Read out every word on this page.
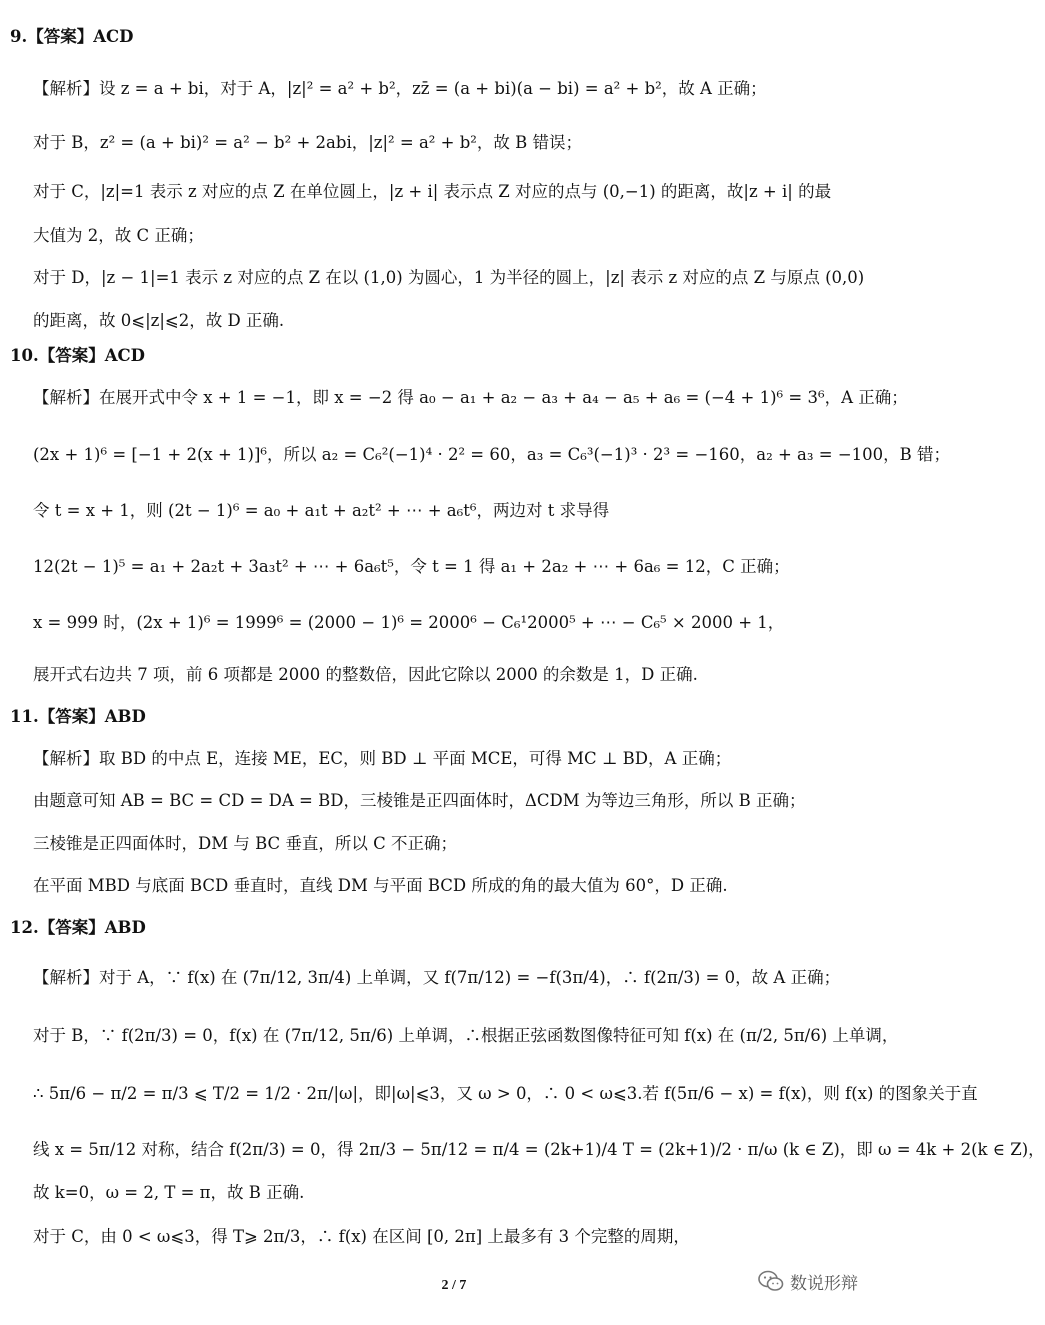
9.【答案】ACD
【解析】设 z = a + bi，对于 A，|z|² = a² + b²，zz̄ = (a + bi)(a − bi) = a² + b²，故 A 正确；
对于 B，z² = (a + bi)² = a² − b² + 2abi，|z|² = a² + b²，故 B 错误；
对于 C，|z|=1 表示 z 对应的点 Z 在单位圆上，|z + i| 表示点 Z 对应的点与 (0,−1) 的距离，故|z + i| 的最
大值为 2，故 C 正确；
对于 D，|z − 1|=1 表示 z 对应的点 Z 在以 (1,0) 为圆心，1 为半径的圆上，|z| 表示 z 对应的点 Z 与原点 (0,0)
的距离，故 0⩽|z|⩽2，故 D 正确.
10.【答案】ACD
【解析】在展开式中令 x + 1 = −1，即 x = −2 得 a₀ − a₁ + a₂ − a₃ + a₄ − a₅ + a₆ = (−4 + 1)⁶ = 3⁶，A 正确；
(2x + 1)⁶ = [−1 + 2(x + 1)]⁶，所以 a₂ = C₆²(−1)⁴ · 2² = 60，a₃ = C₆³(−1)³ · 2³ = −160，a₂ + a₃ = −100，B 错；
令 t = x + 1，则 (2t − 1)⁶ = a₀ + a₁t + a₂t² + ⋯ + a₆t⁶，两边对 t 求导得
12(2t − 1)⁵ = a₁ + 2a₂t + 3a₃t² + ⋯ + 6a₆t⁵，令 t = 1 得 a₁ + 2a₂ + ⋯ + 6a₆ = 12，C 正确；
x = 999 时，(2x + 1)⁶ = 1999⁶ = (2000 − 1)⁶ = 2000⁶ − C₆¹2000⁵ + ⋯ − C₆⁵ × 2000 + 1，
展开式右边共 7 项，前 6 项都是 2000 的整数倍，因此它除以 2000 的余数是 1，D 正确.
11.【答案】ABD
【解析】取 BD 的中点 E，连接 ME，EC，则 BD ⊥ 平面 MCE，可得 MC ⊥ BD，A 正确；
由题意可知 AB = BC = CD = DA = BD，三棱锥是正四面体时，ΔCDM 为等边三角形，所以 B 正确；
三棱锥是正四面体时，DM 与 BC 垂直，所以 C 不正确；
在平面 MBD 与底面 BCD 垂直时，直线 DM 与平面 BCD 所成的角的最大值为 60°，D 正确.
12.【答案】ABD
【解析】对于 A，∵ f(x) 在 (7π/12, 3π/4) 上单调，又 f(7π/12) = −f(3π/4)，∴ f(2π/3) = 0，故 A 正确；
对于 B，∵ f(2π/3) = 0，f(x) 在 (7π/12, 5π/6) 上单调，∴根据正弦函数图像特征可知 f(x) 在 (π/2, 5π/6) 上单调，
∴ 5π/6 − π/2 = π/3 ⩽ T/2 = 1/2 · 2π/|ω|，即|ω|⩽3，又 ω > 0，∴ 0 < ω⩽3.若 f(5π/6 − x) = f(x)，则 f(x) 的图象关于直
线 x = 5π/12 对称，结合 f(2π/3) = 0，得 2π/3 − 5π/12 = π/4 = (2k+1)/4 T = (2k+1)/2 · π/ω (k ∈ Z)，即 ω = 4k + 2(k ∈ Z)，
故 k=0，ω = 2, T = π，故 B 正确.
对于 C，由 0 < ω⩽3，得 T⩾ 2π/3，∴ f(x) 在区间 [0, 2π] 上最多有 3 个完整的周期，
2 / 7	数说形辩
